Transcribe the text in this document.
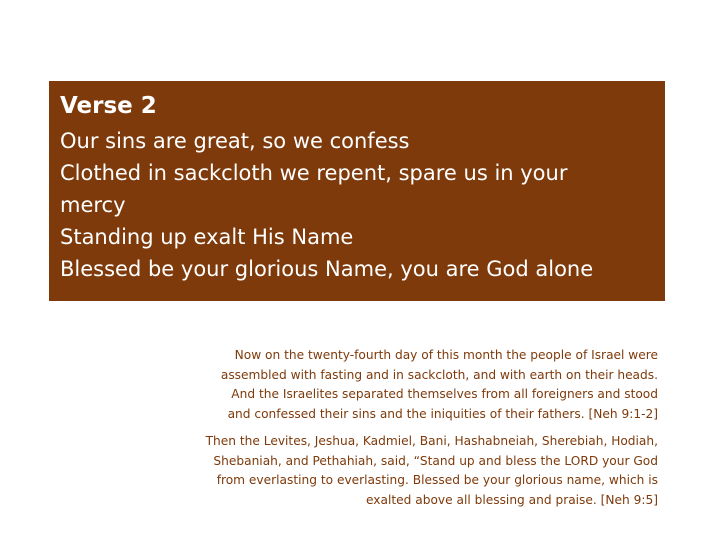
Verse 2
Our sins are great, so we confess
Clothed in sackcloth we repent, spare us in your
mercy
Standing up exalt His Name
Blessed be your glorious Name, you are God alone
Now on the twenty-fourth day of this month the people of Israel were
assembled with fasting and in sackcloth, and with earth on their heads.
And the Israelites separated themselves from all foreigners and stood
and confessed their sins and the iniquities of their fathers. [Neh 9:1-2]
Then the Levites, Jeshua, Kadmiel, Bani, Hashabneiah, Sherebiah, Hodiah,
Shebaniah, and Pethahiah, said, “Stand up and bless the LORD your God
from everlasting to everlasting. Blessed be your glorious name, which is
exalted above all blessing and praise. [Neh 9:5]
